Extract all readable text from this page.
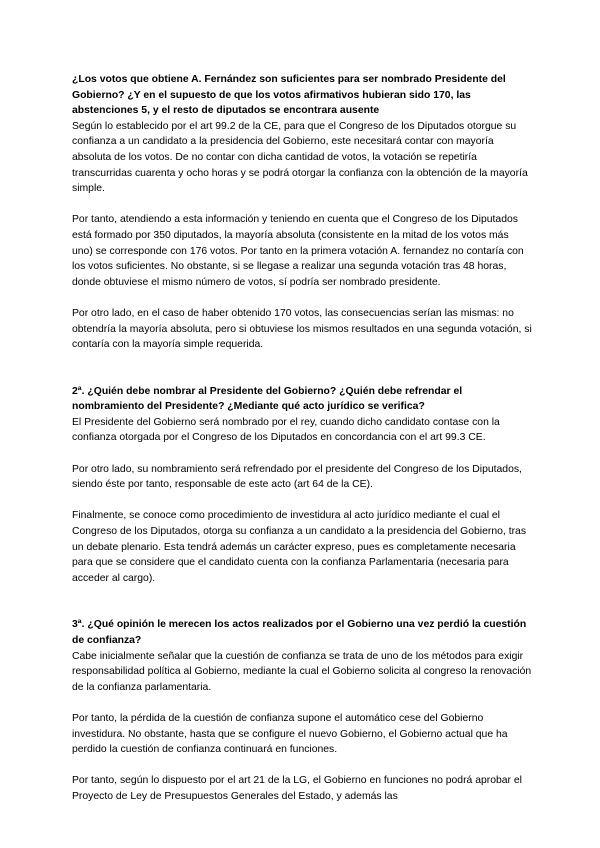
¿Los votos que obtiene A. Fernández son suficientes para ser nombrado Presidente del Gobierno? ¿Y en el supuesto de que los votos afirmativos hubieran sido 170, las abstenciones 5, y el resto de diputados se encontrara ausente

Según lo establecido por el art 99.2 de la CE, para que el Congreso de los Diputados otorgue su confianza a un candidato a la presidencia del Gobierno, este necesitará contar con mayoría absoluta de los votos. De no contar con dicha cantidad de votos, la votación se repetiría transcurridas cuarenta y ocho horas y se podrá otorgar la confianza con la obtención de la mayoría simple.

Por tanto, atendiendo a esta información y teniendo en cuenta que el Congreso de los Diputados está formado por 350 diputados, la mayoría absoluta (consistente en la mitad de los votos más uno) se corresponde con 176 votos. Por tanto en la primera votación A. fernandez no contaría con los votos suficientes. No obstante, si se llegase a realizar una segunda votación tras 48 horas, donde obtuviese el mismo número de votos, sí podría ser nombrado presidente.

Por otro lado, en el caso de haber obtenido 170 votos, las consecuencias serían las mismas: no obtendría la mayoría absoluta, pero si obtuviese los mismos resultados en una segunda votación, si contaría con la mayoría simple requerida.

2ª. ¿Quién debe nombrar al Presidente del Gobierno? ¿Quién debe refrendar el nombramiento del Presidente? ¿Mediante qué acto jurídico se verifica?

El Presidente del Gobierno será nombrado por el rey, cuando dicho candidato contase con la confianza otorgada por el Congreso de los Diputados en concordancia con el art 99.3 CE.

Por otro lado, su nombramiento será refrendado por el presidente del Congreso de los Diputados, siendo éste por tanto, responsable de este acto (art 64 de la CE).

Finalmente, se conoce como procedimiento de investidura al acto jurídico mediante el cual el Congreso de los Diputados, otorga su confianza a un candidato a la presidencia del Gobierno, tras un debate plenario. Esta tendrá además un carácter expreso, pues es completamente necesaria para que se considere que el candidato cuenta con la confianza Parlamentaria (necesaria para acceder al cargo).

3ª. ¿Qué opinión le merecen los actos realizados por el Gobierno una vez perdió la cuestión de confianza?

Cabe inicialmente señalar que la cuestión de confianza se trata de uno de los métodos para exigir responsabilidad política al Gobierno, mediante la cual el Gobierno solicita al congreso la renovación de la confianza parlamentaria.

Por tanto, la pérdida de la cuestión de confianza supone el automático cese del Gobierno investidura. No obstante, hasta que se configure el nuevo Gobierno, el Gobierno actual que ha perdido la cuestión de confianza continuará en funciones.

Por tanto, según lo dispuesto por el art 21 de la LG, el Gobierno en funciones no podrá aprobar el Proyecto de Ley de Presupuestos Generales del Estado, y además las
